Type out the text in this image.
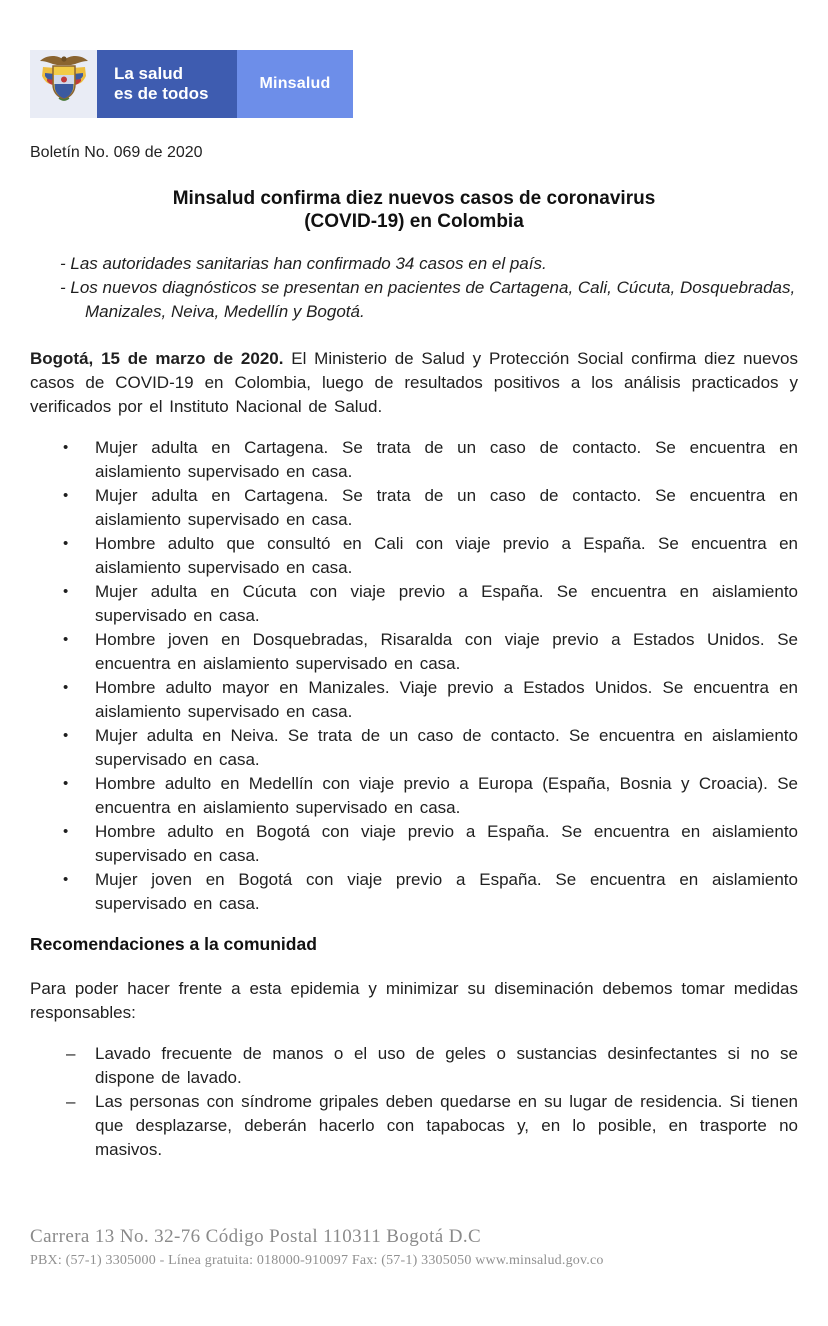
La salud
es de todos
Minsalud
Boletín No. 069 de 2020
Minsalud confirma diez nuevos casos de coronavirus
(COVID-19) en Colombia
- Las autoridades sanitarias han confirmado 34 casos en el país.
- Los nuevos diagnósticos se presentan en pacientes de Cartagena, Cali, Cúcuta, Dosquebradas, Manizales, Neiva, Medellín y Bogotá.

Bogotá, 15 de marzo de 2020. El Ministerio de Salud y Protección Social confirma diez nuevos casos de COVID-19 en Colombia, luego de resultados positivos a los análisis practicados y verificados por el Instituto Nacional de Salud.

• Mujer adulta en Cartagena. Se trata de un caso de contacto. Se encuentra en aislamiento supervisado en casa.
• Mujer adulta en Cartagena. Se trata de un caso de contacto. Se encuentra en aislamiento supervisado en casa.
• Hombre adulto que consultó en Cali con viaje previo a España. Se encuentra en aislamiento supervisado en casa.
• Mujer adulta en Cúcuta con viaje previo a España. Se encuentra en aislamiento supervisado en casa.
• Hombre joven en Dosquebradas, Risaralda con viaje previo a Estados Unidos. Se encuentra en aislamiento supervisado en casa.
• Hombre adulto mayor en Manizales. Viaje previo a Estados Unidos. Se encuentra en aislamiento supervisado en casa.
• Mujer adulta en Neiva. Se trata de un caso de contacto. Se encuentra en aislamiento supervisado en casa.
• Hombre adulto en Medellín con viaje previo a Europa (España, Bosnia y Croacia). Se encuentra en aislamiento supervisado en casa.
• Hombre adulto en Bogotá con viaje previo a España. Se encuentra en aislamiento supervisado en casa.
• Mujer joven en Bogotá con viaje previo a España. Se encuentra en aislamiento supervisado en casa.
Recomendaciones a la comunidad

Para poder hacer frente a esta epidemia y minimizar su diseminación debemos tomar medidas responsables:

– Lavado frecuente de manos o el uso de geles o sustancias desinfectantes si no se dispone de lavado.
– Las personas con síndrome gripales deben quedarse en su lugar de residencia. Si tienen que desplazarse, deberán hacerlo con tapabocas y, en lo posible, en trasporte no masivos.
Carrera 13 No. 32-76 Código Postal 110311 Bogotá D.C
PBX: (57-1) 3305000 - Línea gratuita: 018000-910097 Fax: (57-1) 3305050 www.minsalud.gov.co
